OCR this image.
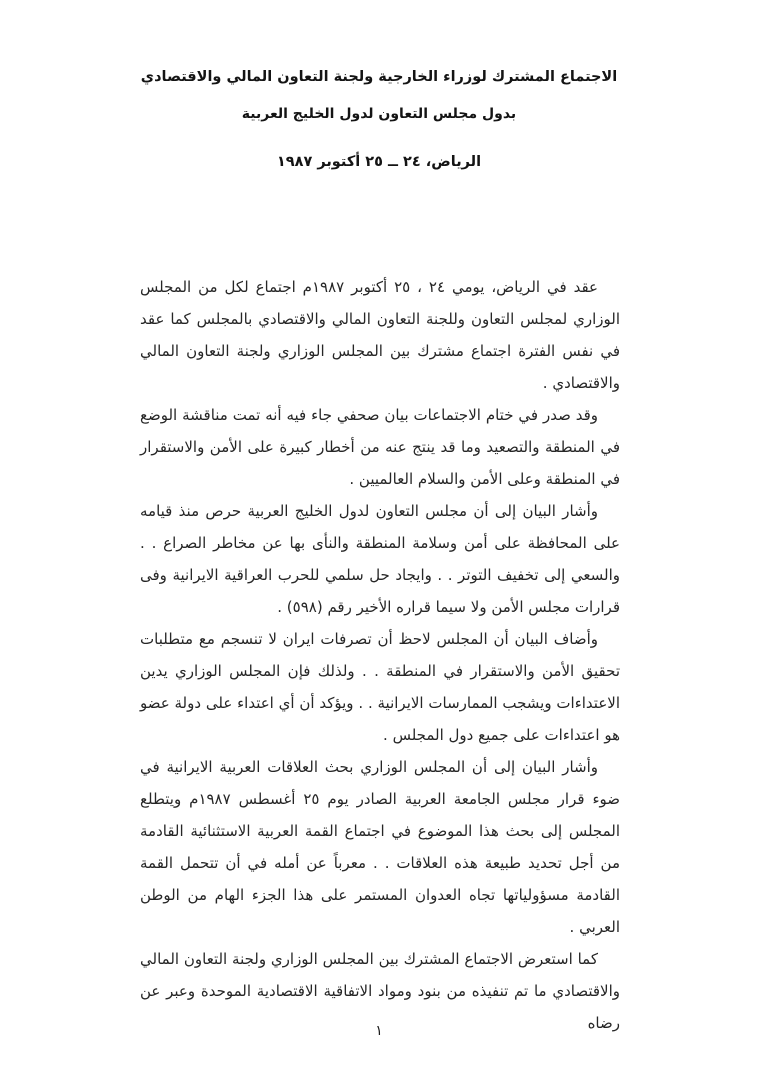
الاجتماع المشترك لوزراء الخارجية ولجنة التعاون المالي والاقتصادي
بدول مجلس التعاون لدول الخليج العربية
الرياض، ٢٤ ــ ٢٥ أكتوبر ١٩٨٧

عقد في الرياض، يومي ٢٤ ، ٢٥ أكتوبر ١٩٨٧م اجتماع لكل من المجلس الوزاري لمجلس التعاون وللجنة التعاون المالي والاقتصادي بالمجلس كما عقد في نفس الفترة اجتماع مشترك بين المجلس الوزاري ولجنة التعاون المالي والاقتصادي .

وقد صدر في ختام الاجتماعات بيان صحفي جاء فيه أنه تمت مناقشة الوضع في المنطقة والتصعيد وما قد ينتج عنه من أخطار كبيرة على الأمن والاستقرار في المنطقة وعلى الأمن والسلام العالميين .

وأشار البيان إلى أن مجلس التعاون لدول الخليج العربية حرص منذ قيامه على المحافظة على أمن وسلامة المنطقة والنأى بها عن مخاطر الصراع . . والسعي إلى تخفيف التوتر . . وايجاد حل سلمي للحرب العراقية الايرانية وفى قرارات مجلس الأمن ولا سيما قراره الأخير رقم (٥٩٨) .

وأضاف البيان أن المجلس لاحظ أن تصرفات ايران لا تنسجم مع متطلبات تحقيق الأمن والاستقرار في المنطقة . . ولذلك فإن المجلس الوزاري يدين الاعتداءات ويشجب الممارسات الايرانية . . ويؤكد أن أي اعتداء على دولة عضو هو اعتداءات على جميع دول المجلس .

وأشار البيان إلى أن المجلس الوزاري بحث العلاقات العربية الايرانية في ضوء قرار مجلس الجامعة العربية الصادر يوم ٢٥ أغسطس ١٩٨٧م ويتطلع المجلس إلى بحث هذا الموضوع في اجتماع القمة العربية الاستثنائية القادمة من أجل تحديد طبيعة هذه العلاقات . . معرباً عن أمله في أن تتحمل القمة القادمة مسؤولياتها تجاه العدوان المستمر على هذا الجزء الهام من الوطن العربي .

كما استعرض الاجتماع المشترك بين المجلس الوزاري ولجنة التعاون المالي والاقتصادي ما تم تنفيذه من بنود ومواد الاتفاقية الاقتصادية الموحدة وعبر عن رضاه

١
